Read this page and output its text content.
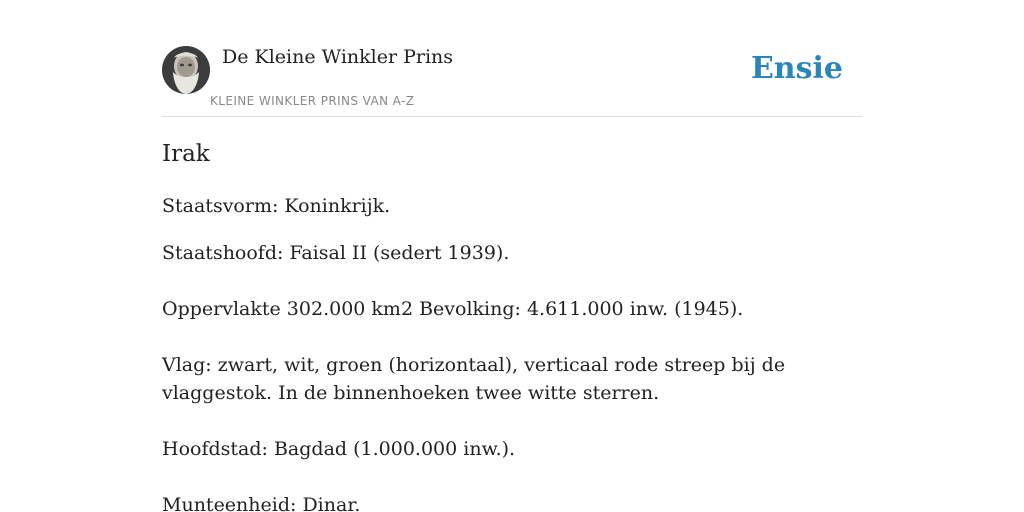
De Kleine Winkler Prins
KLEINE WINKLER PRINS VAN A-Z
Ensie
Irak

Staatsvorm: Koninkrijk.

Staatshoofd: Faisal II (sedert 1939).

Oppervlakte 302.000 km2 Bevolking: 4.611.000 inw. (1945).

Vlag: zwart, wit, groen (horizontaal), verticaal rode streep bij de vlaggestok. In de binnenhoeken twee witte sterren.

Hoofdstad: Bagdad (1.000.000 inw.).

Munteenheid: Dinar.
